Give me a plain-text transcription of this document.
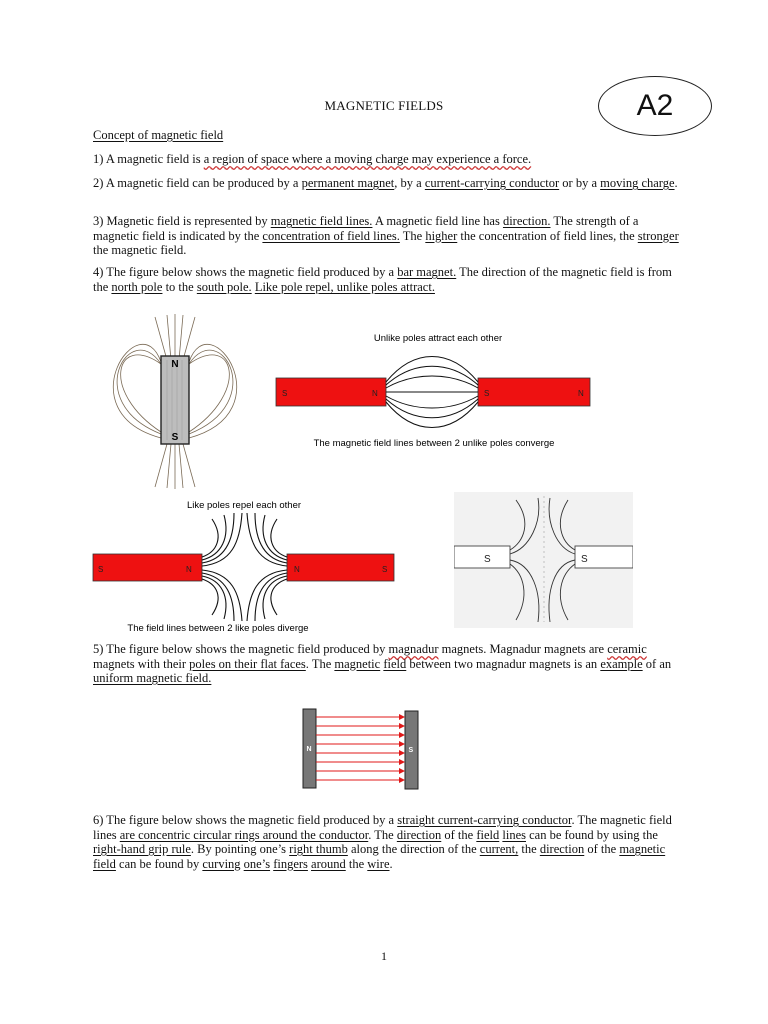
MAGNETIC FIELDS	A2
Concept of magnetic field
1) A magnetic field is a region of space where a moving charge may experience a force.
2) A magnetic field can be produced by a permanent magnet, by a current-carrying conductor or by a moving charge.
3) Magnetic field is represented by magnetic field lines. A magnetic field line has direction. The strength of a magnetic field is indicated by the concentration of field lines. The higher the concentration of field lines, the stronger the magnetic field.
4) The figure below shows the magnetic field produced by a bar magnet. The direction of the magnetic field is from the north pole to the south pole. Like pole repel, unlike poles attract.
N
S
Unlike poles attract each other
S	N	S	N
The magnetic field lines between 2 unlike poles converge
Like poles repel each other
S	N	N	S
The field lines between 2 like poles diverge
S	S
5) The figure below shows the magnetic field produced by magnadur magnets. Magnadur magnets are ceramic magnets with their poles on their flat faces. The magnetic field between two magnadur magnets is an example of an uniform magnetic field.
N	S
6) The figure below shows the magnetic field produced by a straight current-carrying conductor. The magnetic field lines are concentric circular rings around the conductor. The direction of the field lines can be found by using the right-hand grip rule. By pointing one’s right thumb along the direction of the current, the direction of the magnetic field can be found by curving one’s fingers around the wire.
1
